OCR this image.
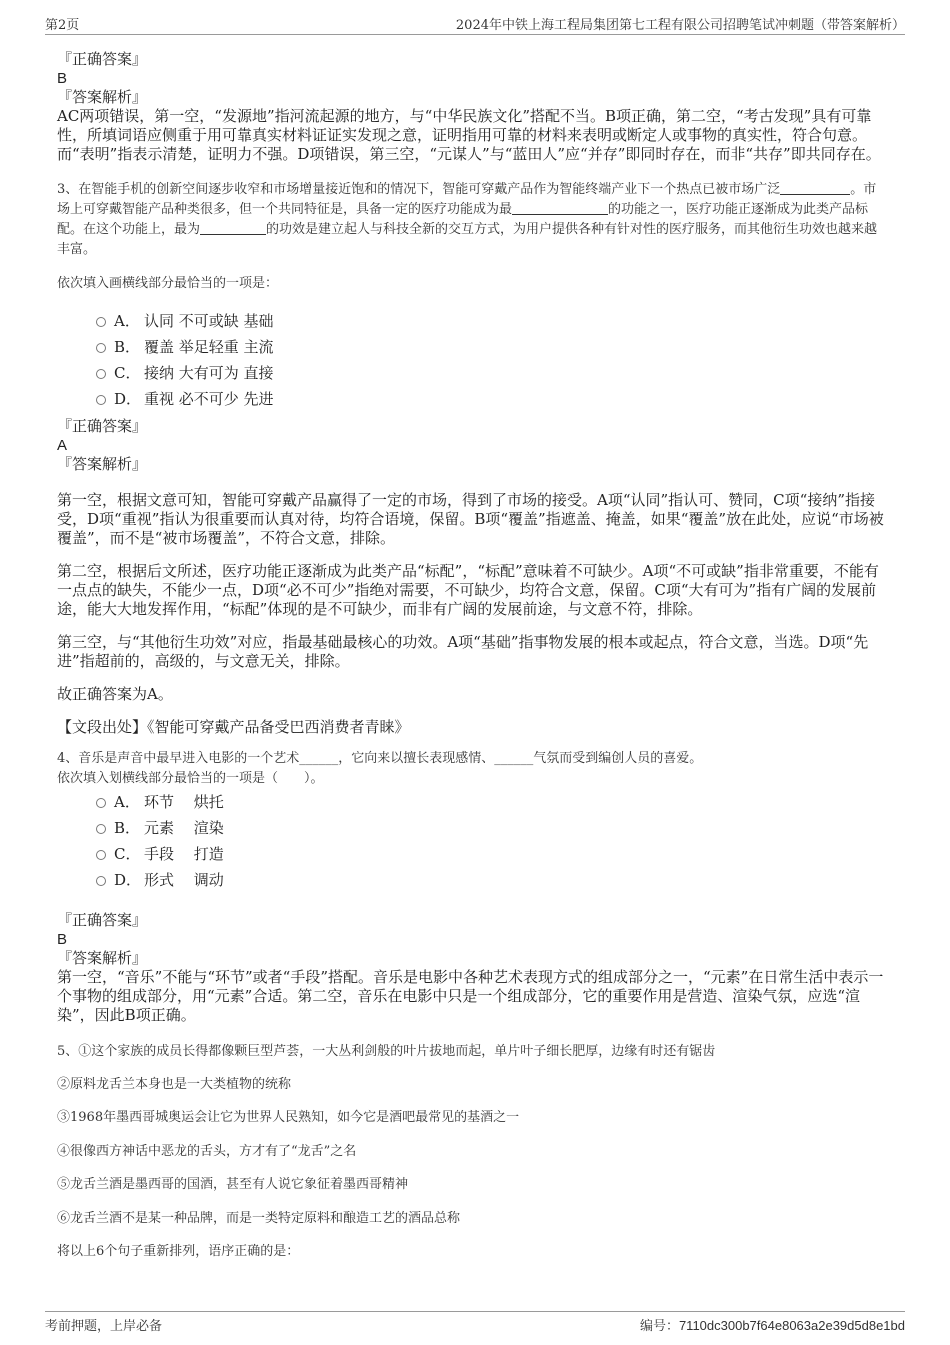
第2页	2024年中铁上海工程局集团第七工程有限公司招聘笔试冲刺题（带答案解析）
『正确答案』
B
『答案解析』
AC两项错误，第一空，“发源地”指河流起源的地方，与“中华民族文化”搭配不当。B项正确，第二空，“考古发现”具有可靠性，所填词语应侧重于用可靠真实材料证证实发现之意，证明指用可靠的材料来表明或断定人或事物的真实性，符合句意。而“表明”指表示清楚，证明力不强。D项错误，第三空，“元谋人”与“蓝田人”应“并存”即同时存在，而非“共存”即共同存在。
3、在智能手机的创新空间逐步收窄和市场增量接近饱和的情况下，智能可穿戴产品作为智能终端产业下一个热点已被市场广泛	。市场上可穿戴智能产品种类很多，但一个共同特征是，具备一定的医疗功能成为最	的功能之一，医疗功能正逐渐成为此类产品标配。在这个功能上，最为	的功效是建立起人与科技全新的交互方式，为用户提供各种有针对性的医疗服务，而其他衍生功效也越来越丰富。
依次填入画横线部分最恰当的一项是：
A． 认同 不可或缺 基础
B． 覆盖 举足轻重 主流
C． 接纳 大有可为 直接
D． 重视 必不可少 先进
『正确答案』
A
『答案解析』

第一空，根据文意可知，智能可穿戴产品赢得了一定的市场，得到了市场的接受。A项“认同”指认可、赞同，C项“接纳”指接受，D项“重视”指认为很重要而认真对待，均符合语境，保留。B项“覆盖”指遮盖、掩盖，如果“覆盖”放在此处，应说“市场被覆盖”，而不是“被市场覆盖”，不符合文意，排除。

第二空，根据后文所述，医疗功能正逐渐成为此类产品“标配”，“标配”意味着不可缺少。A项“不可或缺”指非常重要，不能有一点点的缺失，不能少一点，D项“必不可少”指绝对需要，不可缺少，均符合文意，保留。C项“大有可为”指有广阔的发展前途，能大大地发挥作用，“标配”体现的是不可缺少，而非有广阔的发展前途，与文意不符，排除。

第三空，与“其他衍生功效”对应，指最基础最核心的功效。A项“基础”指事物发展的根本或起点，符合文意，当选。D项“先进”指超前的，高级的，与文意无关，排除。

故正确答案为A。

【文段出处】《智能可穿戴产品备受巴西消费者青睐》

4、音乐是声音中最早进入电影的一个艺术______，它向来以擅长表现感情、______气氛而受到编创人员的喜爱。
依次填入划横线部分最恰当的一项是（　　）。
A． 环节　 烘托
B． 元素　 渲染
C． 手段　 打造
D． 形式　 调动
『正确答案』
B
『答案解析』
第一空，“音乐”不能与“环节”或者“手段”搭配。音乐是电影中各种艺术表现方式的组成部分之一，“元素”在日常生活中表示一个事物的组成部分，用“元素”合适。第二空，音乐在电影中只是一个组成部分，它的重要作用是营造、渲染气氛，应选“渲染”，因此B项正确。
5、①这个家族的成员长得都像颗巨型芦荟，一大丛利剑般的叶片拔地而起，单片叶子细长肥厚，边缘有时还有锯齿
②原料龙舌兰本身也是一大类植物的统称
③1968年墨西哥城奥运会让它为世界人民熟知，如今它是酒吧最常见的基酒之一
④很像西方神话中恶龙的舌头，方才有了“龙舌”之名
⑤龙舌兰酒是墨西哥的国酒，甚至有人说它象征着墨西哥精神
⑥龙舌兰酒不是某一种品牌，而是一类特定原料和酿造工艺的酒品总称
将以上6个句子重新排列，语序正确的是：
考前押题，上岸必备	编号：7110dc300b7f64e8063a2e39d5d8e1bd
